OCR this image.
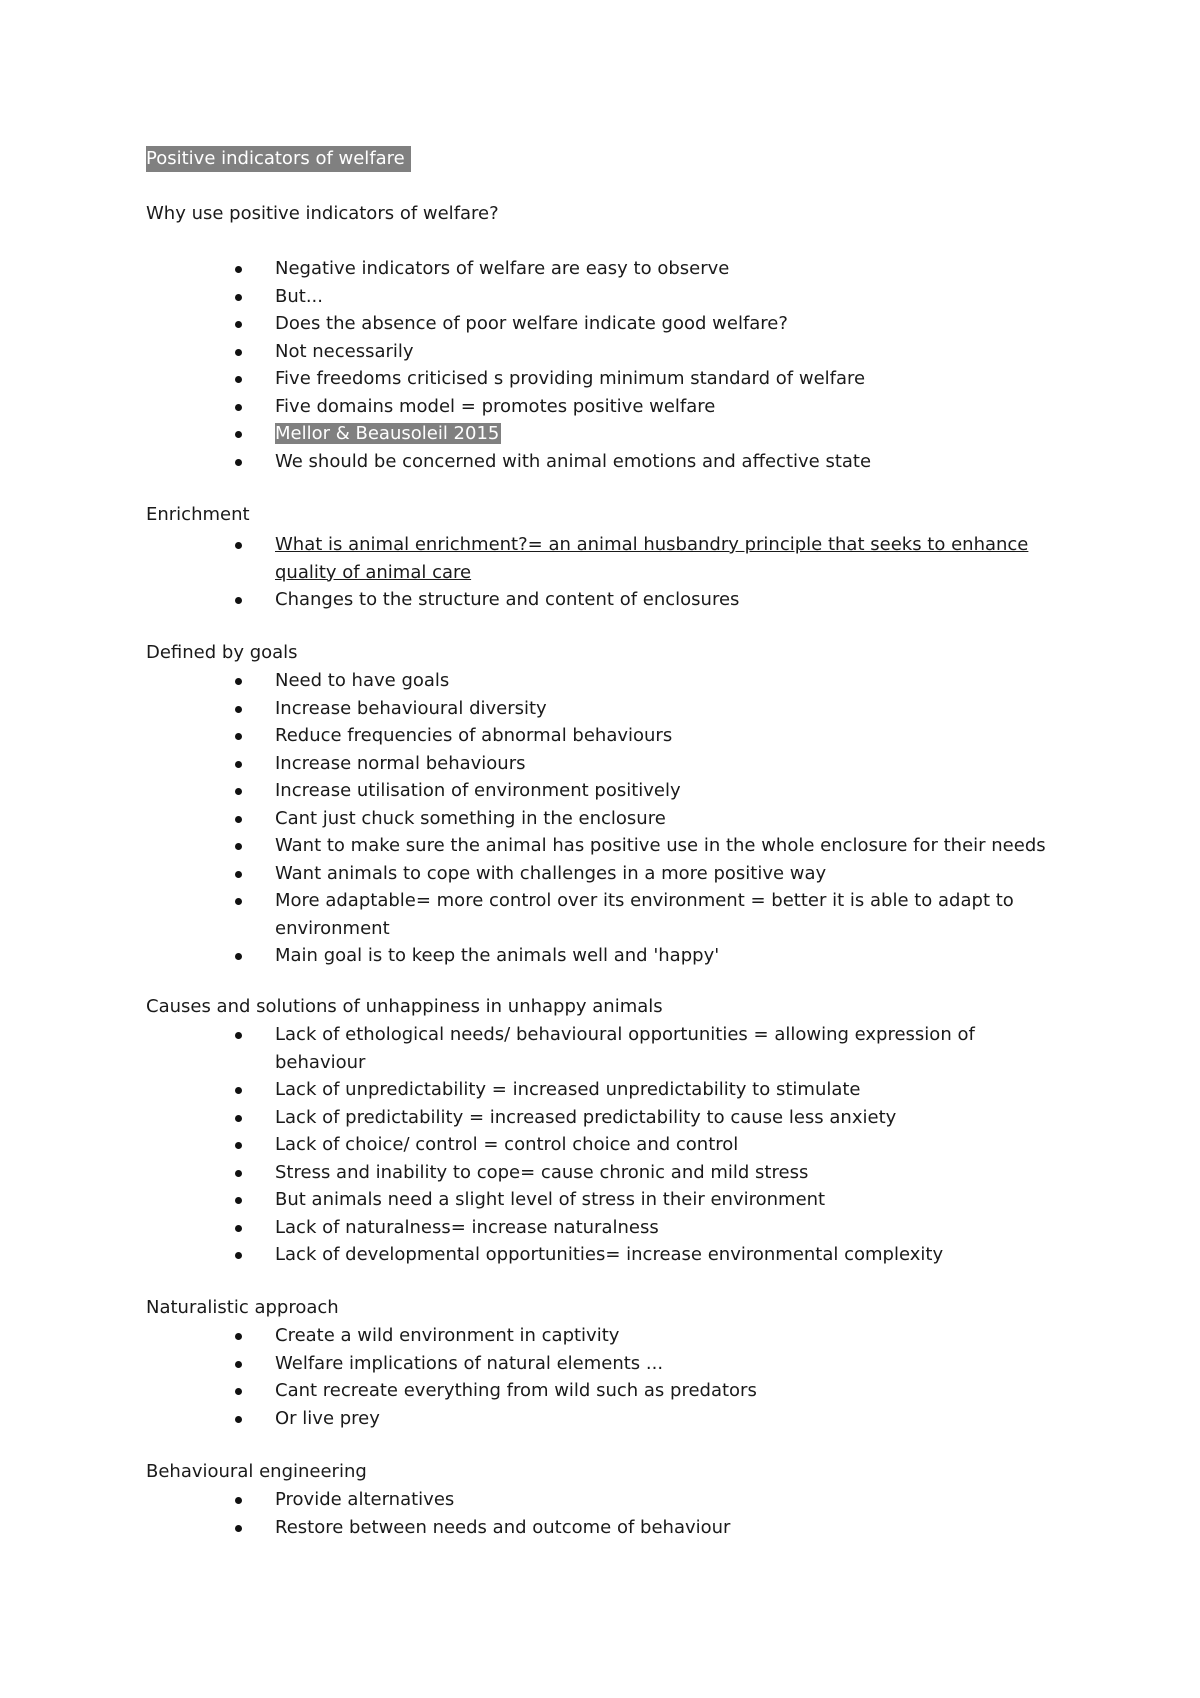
Positive indicators of welfare
Why use positive indicators of welfare?
Negative indicators of welfare are easy to observe
But...
Does the absence of poor welfare indicate good welfare?
Not necessarily
Five freedoms criticised s providing minimum standard of welfare
Five domains model = promotes positive welfare
Mellor & Beausoleil 2015
We should be concerned with animal emotions and affective state
Enrichment
What is animal enrichment?= an animal husbandry principle that seeks to enhance quality of animal care
Changes to the structure and content of enclosures
Defined by goals
Need to have goals
Increase behavioural diversity
Reduce frequencies of abnormal behaviours
Increase normal behaviours
Increase utilisation of environment positively
Cant just chuck something in the enclosure
Want to make sure the animal has positive use in the whole enclosure for their needs
Want animals to cope with challenges in a more positive way
More adaptable= more control over its environment = better it is able to adapt to environment
Main goal is to keep the animals well and 'happy'
Causes and solutions of unhappiness in unhappy animals
Lack of ethological needs/ behavioural opportunities = allowing expression of behaviour
Lack of unpredictability = increased unpredictability to stimulate
Lack of predictability = increased predictability to cause less anxiety
Lack of choice/ control = control choice and control
Stress and inability to cope= cause chronic and mild stress
But animals need a slight level of stress in their environment
Lack of naturalness= increase naturalness
Lack of developmental opportunities= increase environmental complexity
Naturalistic approach
Create a wild environment in captivity
Welfare implications of natural elements ...
Cant recreate everything from wild such as predators
Or live prey
Behavioural engineering
Provide alternatives
Restore between needs and outcome of behaviour
